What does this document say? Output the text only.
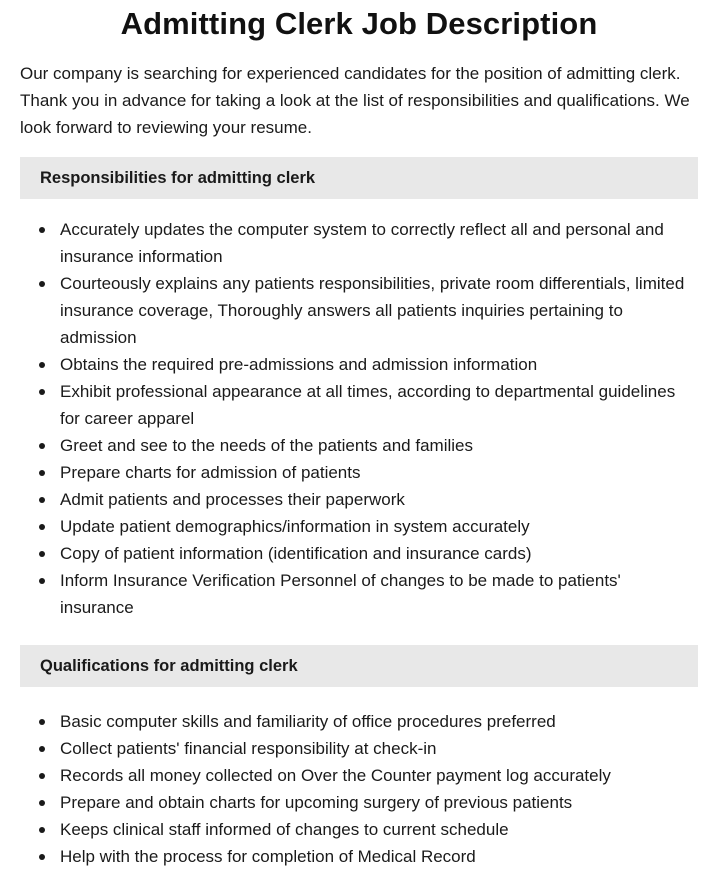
Admitting Clerk Job Description

Our company is searching for experienced candidates for the position of admitting clerk. Thank you in advance for taking a look at the list of responsibilities and qualifications. We look forward to reviewing your resume.

Responsibilities for admitting clerk
Accurately updates the computer system to correctly reflect all and personal and insurance information
Courteously explains any patients responsibilities, private room differentials, limited insurance coverage, Thoroughly answers all patients inquiries pertaining to admission
Obtains the required pre-admissions and admission information
Exhibit professional appearance at all times, according to departmental guidelines for career apparel
Greet and see to the needs of the patients and families
Prepare charts for admission of patients
Admit patients and processes their paperwork
Update patient demographics/information in system accurately
Copy of patient information (identification and insurance cards)
Inform Insurance Verification Personnel of changes to be made to patients' insurance
Qualifications for admitting clerk
Basic computer skills and familiarity of office procedures preferred
Collect patients' financial responsibility at check-in
Records all money collected on Over the Counter payment log accurately
Prepare and obtain charts for upcoming surgery of previous patients
Keeps clinical staff informed of changes to current schedule
Help with the process for completion of Medical Record
